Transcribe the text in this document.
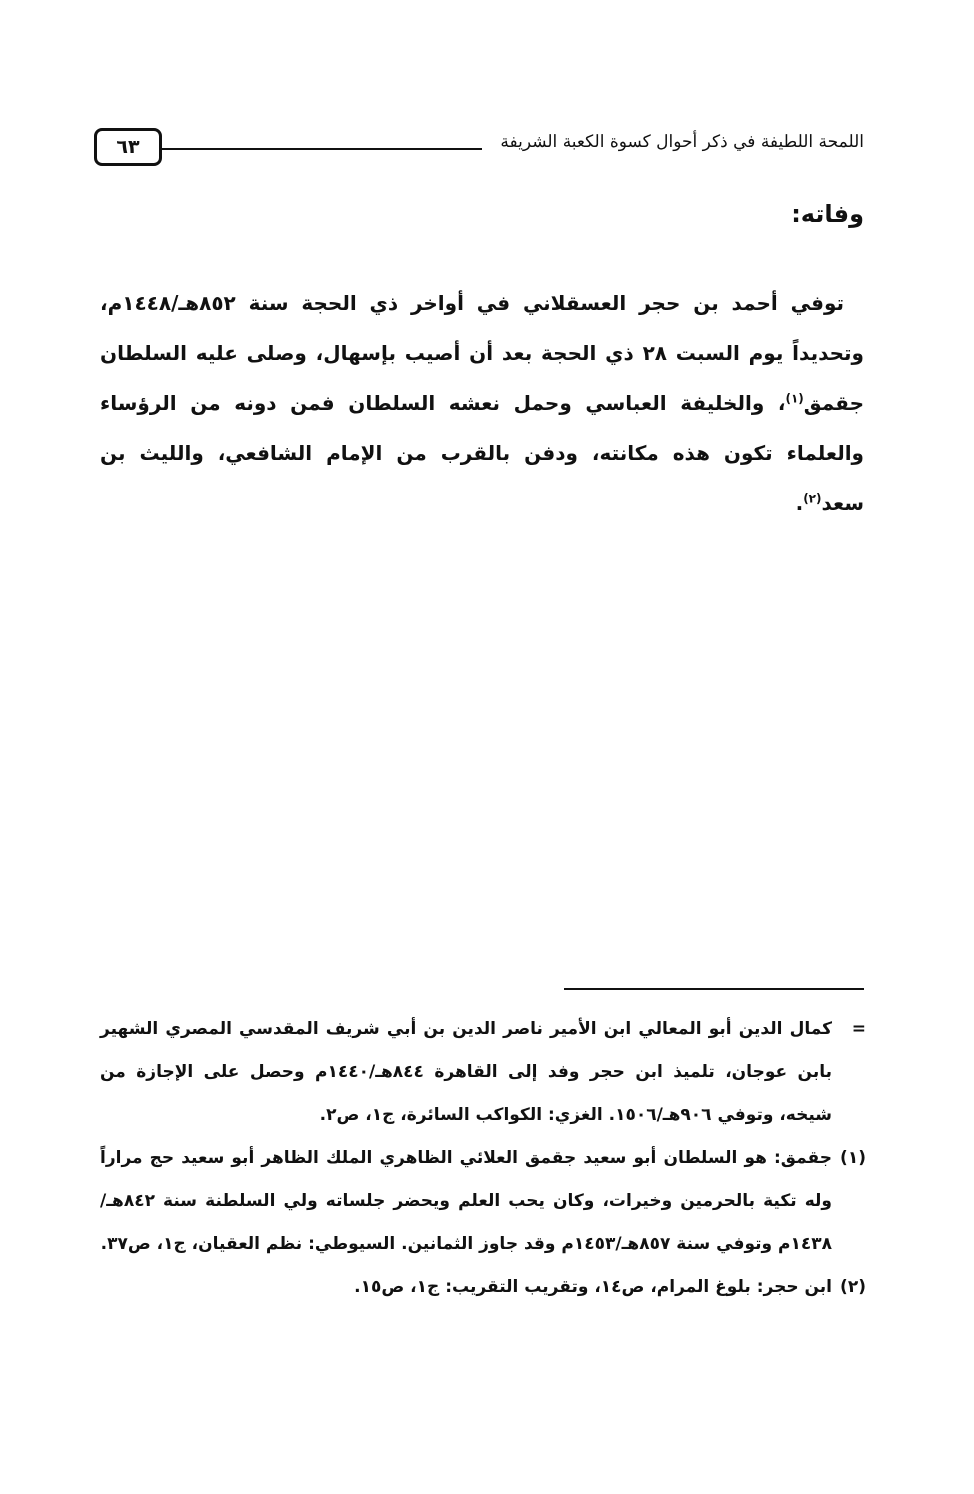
٦٣	اللمحة اللطيفة في ذكر أحوال كسوة الكعبة الشريفة
وفاته:

توفي أحمد بن حجر العسقلاني في أواخر ذي الحجة سنة ٨٥٢هـ/١٤٤٨م، وتحديداً يوم السبت ٢٨ ذي الحجة بعد أن أصيب بإسهال، وصلى عليه السلطان جقمق$^{(١)}$، والخليفة العباسي وحمل نعشه السلطان فمن دونه من الرؤساء والعلماء تكون هذه مكانته، ودفن بالقرب من الإمام الشافعي، والليث بن سعد$^{(٢)}$.

=
كمال الدين أبو المعالي ابن الأمير ناصر الدين بن أبي شريف المقدسي المصري الشهير بابن عوجان، تلميذ ابن حجر وفد إلى القاهرة ٨٤٤هـ/١٤٤٠م وحصل على الإجازة من شيخه، وتوفي ٩٠٦هـ/١٥٠٦. الغزي: الكواكب السائرة، ج١، ص٢.
(١)
جقمق: هو السلطان أبو سعيد جقمق العلائي الظاهري الملك الظاهر أبو سعيد حج مراراً وله تكية بالحرمين وخيرات، وكان يحب العلم ويحضر جلساته ولي السلطنة سنة ٨٤٢هـ/١٤٣٨م وتوفي سنة ٨٥٧هـ/١٤٥٣م وقد جاوز الثمانين. السيوطي: نظم العقيان، ج١، ص٣٧.
(٢)
ابن حجر: بلوغ المرام، ص١٤، وتقريب التقريب: ج١، ص١٥.
